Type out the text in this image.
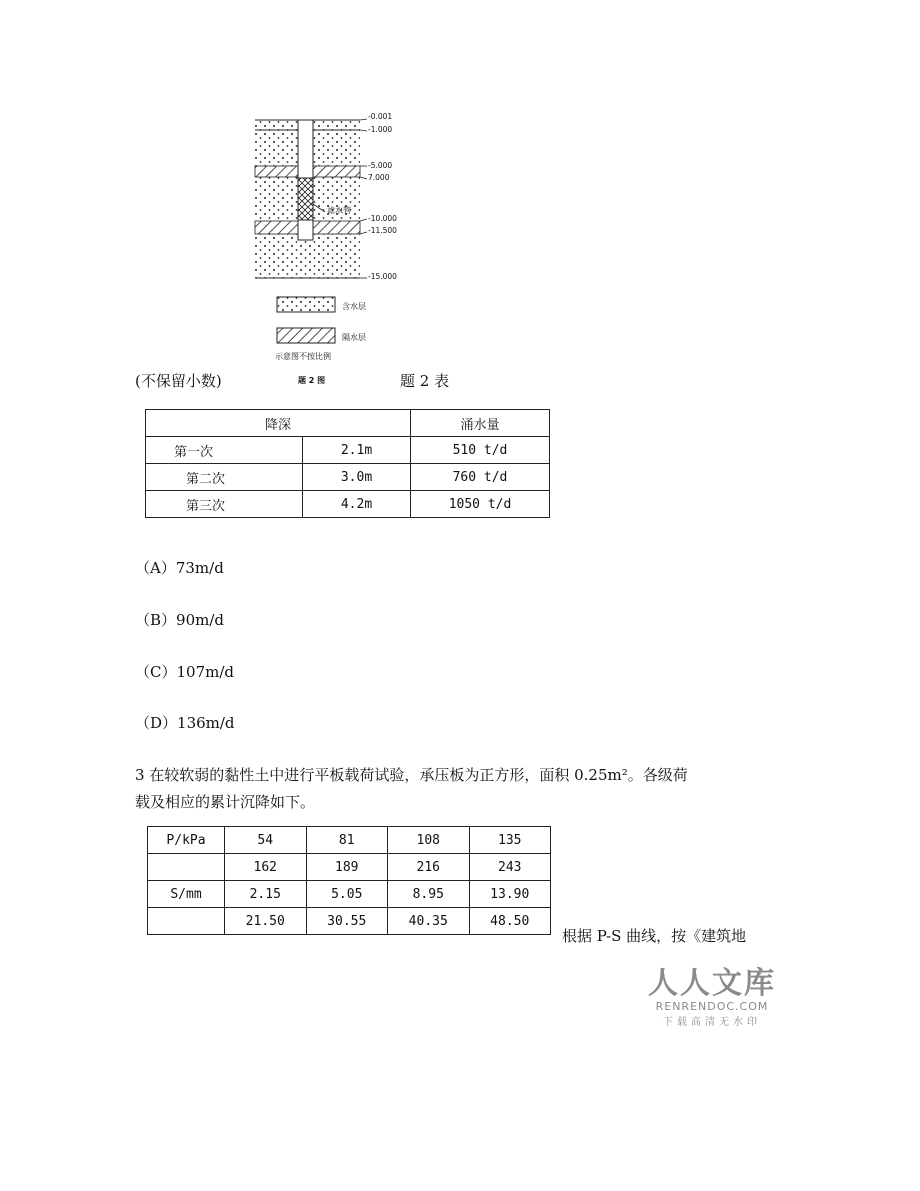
-0.001
-1.000
-5.000
7.000
-10.000
-11.500
-15.000
滤水管
含水层
隔水层
示意图不按比例
题 2 图
(不保留小数)	题 2 表
降深		涌水量
第一次	2.1m	510 t/d
第二次	3.0m	760 t/d
第三次	4.2m	1050 t/d
（A）73m/d
（B）90m/d
（C）107m/d
（D）136m/d
3 在较软弱的黏性土中进行平板载荷试验，承压板为正方形，面积 0.25m²。各级荷
载及相应的累计沉降如下。
P/kPa	54	81	108	135
	162	189	216	243
S/mm	2.15	5.05	8.95	13.90
	21.50	30.55	40.35	48.50
根据 P-S 曲线，按《建筑地
人人文库
RENRENDOC.COM
下载高清无水印
